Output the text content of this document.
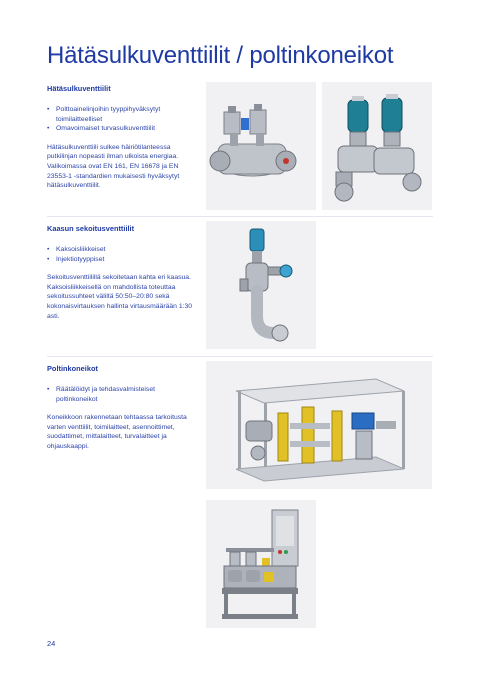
Hätäsulkuventtiilit / poltinkoneikot
Hätäsulkuventtiilit
• Polttoainelinjoihin tyyppihyväksytyt toimilaitteelliset
• Omavoimaiset turvasulkuventtiilit

Hätäsulkuventtiili sulkee häiriötilanteessa putkilinjan nopeasti ilman ulkoista energiaa. Valikoimassa ovat EN 161, EN 16678 ja EN 23553-1 -standardien mukaisesti hyväksytyt hätäsulkuventtiilit.

Kaasun sekoitusventtiilit
• Kaksoisliikkeiset
• Injektiotyyppiset

Sekoitusventtiilillä sekoitetaan kahta eri kaasua. Kaksoisliikkeisellä on mahdollista toteuttaa sekoitussuhteet väliltä 50:50–20:80 sekä kokonaisvirtauksen hallinta virtausmäärään 1:30 asti.

Poltinkoneikot
• Räätälöidyt ja tehdasvalmisteiset poltinkoneikot

Koneikkoon rakennetaan tehtaassa tarkoitusta varten venttiilit, toimilaitteet, asennoittimet, suodattimet, mittalaitteet, turvalaitteet ja ohjauskaappi.

24
